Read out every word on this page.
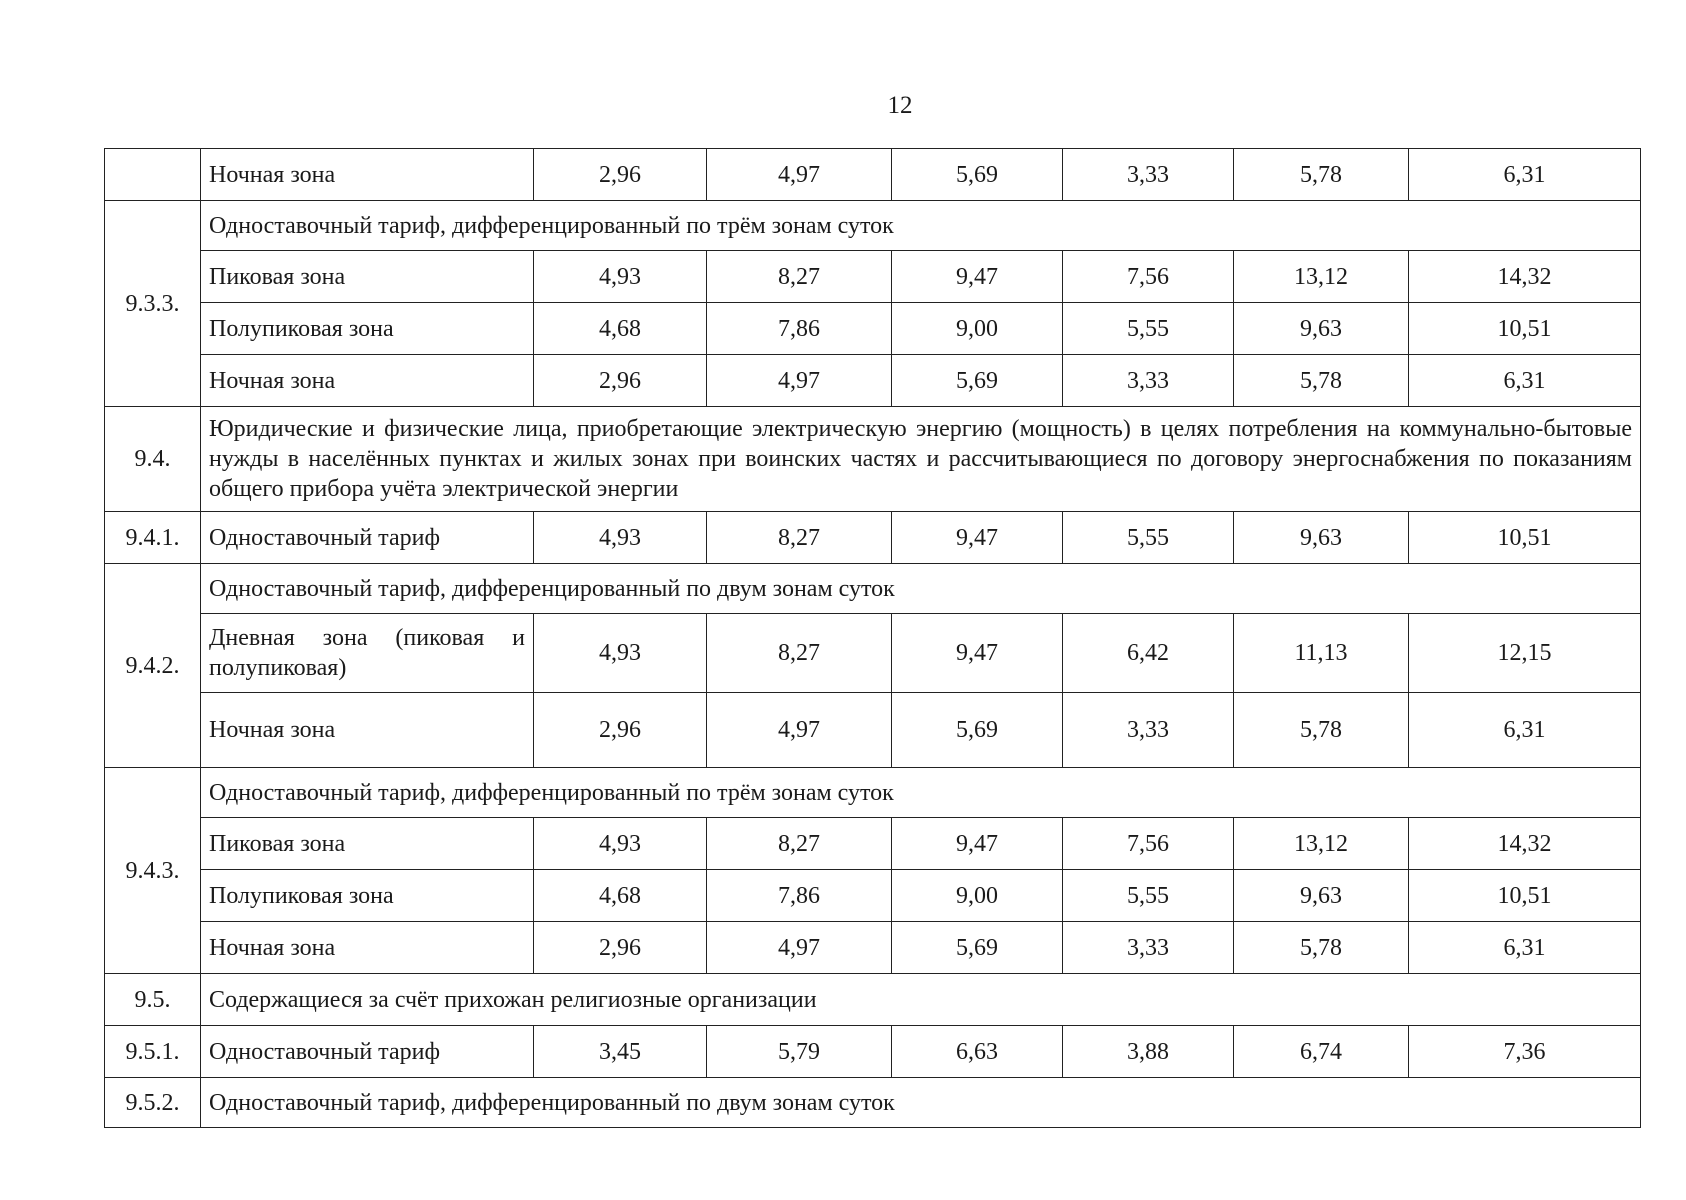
12
	Ночная зона	2,96	4,97	5,69	3,33	5,78	6,31
9.3.3.	Одноставочный тариф, дифференцированный по трём зонам суток						
	Пиковая зона	4,93	8,27	9,47	7,56	13,12	14,32
	Полупиковая зона	4,68	7,86	9,00	5,55	9,63	10,51
	Ночная зона	2,96	4,97	5,69	3,33	5,78	6,31
9.4.	Юридические и физические лица, приобретающие электрическую энергию (мощность) в целях потребления на коммунально-бытовые нужды в населённых пунктах и жилых зонах при воинских частях и рассчитывающиеся по договору энергоснабжения по показаниям общего прибора учёта электрической энергии						
9.4.1.	Одноставочный тариф	4,93	8,27	9,47	5,55	9,63	10,51
9.4.2.	Одноставочный тариф, дифференцированный по двум зонам суток						
	Дневная зона (пиковая и полупиковая)	4,93	8,27	9,47	6,42	11,13	12,15
	Ночная зона	2,96	4,97	5,69	3,33	5,78	6,31
9.4.3.	Одноставочный тариф, дифференцированный по трём зонам суток						
	Пиковая зона	4,93	8,27	9,47	7,56	13,12	14,32
	Полупиковая зона	4,68	7,86	9,00	5,55	9,63	10,51
	Ночная зона	2,96	4,97	5,69	3,33	5,78	6,31
9.5.	Содержащиеся за счёт прихожан религиозные организации						
9.5.1.	Одноставочный тариф	3,45	5,79	6,63	3,88	6,74	7,36
9.5.2.	Одноставочный тариф, дифференцированный по двум зонам суток						
